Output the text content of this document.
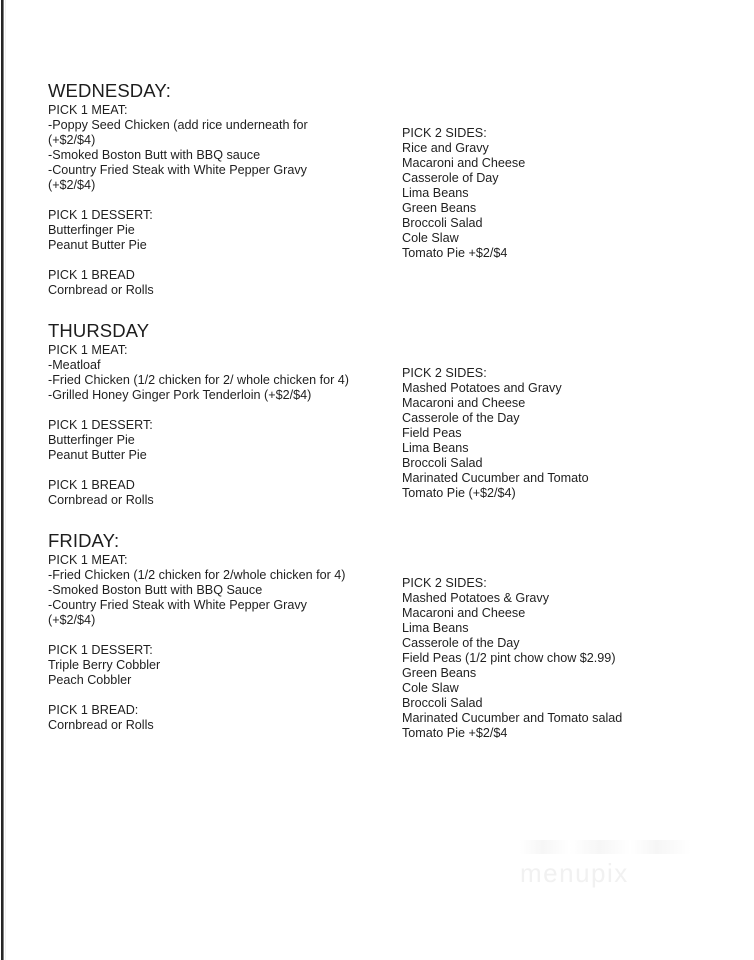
WEDNESDAY:
PICK 1 MEAT:
-Poppy Seed Chicken (add rice underneath for
(+$2/$4)
-Smoked Boston Butt with BBQ sauce
-Country Fried Steak with White Pepper Gravy
(+$2/$4)
PICK 1 DESSERT:
Butterfinger Pie
Peanut Butter Pie
PICK 1 BREAD
Cornbread or Rolls
PICK 2 SIDES:
Rice and Gravy
Macaroni and Cheese
Casserole of Day
Lima Beans
Green Beans
Broccoli Salad
Cole Slaw
Tomato Pie +$2/$4
THURSDAY
PICK 1 MEAT:
-Meatloaf
-Fried Chicken (1/2 chicken for 2/ whole chicken for 4)
-Grilled Honey Ginger Pork Tenderloin (+$2/$4)
PICK 1 DESSERT:
Butterfinger Pie
Peanut Butter Pie
PICK 1 BREAD
Cornbread or Rolls
PICK 2 SIDES:
Mashed Potatoes and Gravy
Macaroni and Cheese
Casserole of the Day
Field Peas
Lima Beans
Broccoli Salad
Marinated Cucumber and Tomato
Tomato Pie (+$2/$4)
FRIDAY:
PICK 1 MEAT:
-Fried Chicken (1/2 chicken for 2/whole chicken for 4)
-Smoked Boston Butt with BBQ Sauce
-Country Fried Steak with White Pepper Gravy
(+$2/$4)
PICK 1 DESSERT:
Triple Berry Cobbler
Peach Cobbler
PICK 1 BREAD:
Cornbread or Rolls
PICK 2 SIDES:
Mashed Potatoes & Gravy
Macaroni and Cheese
Lima Beans
Casserole of the Day
Field Peas (1/2 pint chow chow $2.99)
Green Beans
Cole Slaw
Broccoli Salad
Marinated Cucumber and Tomato salad
Tomato Pie +$2/$4
menupix
